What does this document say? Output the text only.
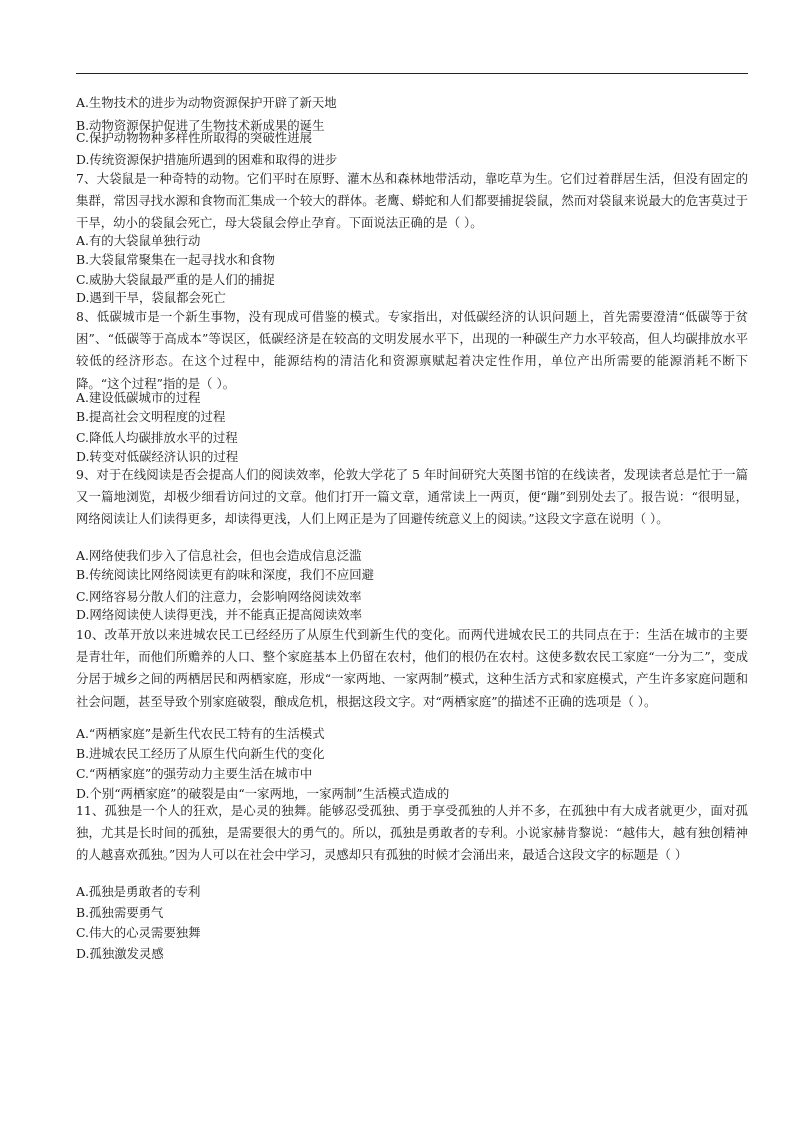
A.生物技术的进步为动物资源保护开辟了新天地
B.动物资源保护促进了生物技术新成果的诞生
C.保护动物物种多样性所取得的突破性进展
D.传统资源保护措施所遇到的困难和取得的进步
7、大袋鼠是一种奇特的动物。它们平时在原野、灌木丛和森林地带活动，靠吃草为生。它们过着群居生活，但没有固定的集群，常因寻找水源和食物而汇集成一个较大的群体。老鹰、蟒蛇和人们都要捕捉袋鼠，然而对袋鼠来说最大的危害莫过于干旱，幼小的袋鼠会死亡，母大袋鼠会停止孕育。下面说法正确的是（ ）。
A.有的大袋鼠单独行动
B.大袋鼠常聚集在一起寻找水和食物
C.威胁大袋鼠最严重的是人们的捕捉
D.遇到干旱，袋鼠都会死亡
8、低碳城市是一个新生事物，没有现成可借鉴的模式。专家指出，对低碳经济的认识问题上，首先需要澄清“低碳等于贫困”、“低碳等于高成本”等误区，低碳经济是在较高的文明发展水平下，出现的一种碳生产力水平较高，但人均碳排放水平较低的经济形态。在这个过程中，能源结构的清洁化和资源禀赋起着决定性作用，单位产出所需要的能源消耗不断下降。“这个过程”指的是（ ）。
A.建设低碳城市的过程
B.提高社会文明程度的过程
C.降低人均碳排放水平的过程
D.转变对低碳经济认识的过程
9、对于在线阅读是否会提高人们的阅读效率，伦敦大学花了 5 年时间研究大英图书馆的在线读者，发现读者总是忙于一篇又一篇地浏览，却极少细看访问过的文章。他们打开一篇文章，通常读上一两页，便“蹦”到别处去了。报告说：“很明显，网络阅读让人们读得更多，却读得更浅，人们上网正是为了回避传统意义上的阅读。”这段文字意在说明（ ）。
A.网络使我们步入了信息社会，但也会造成信息泛滥
B.传统阅读比网络阅读更有韵味和深度，我们不应回避
C.网络容易分散人们的注意力，会影响网络阅读效率
D.网络阅读使人读得更浅，并不能真正提高阅读效率
10、改革开放以来进城农民工已经经历了从原生代到新生代的变化。而两代进城农民工的共同点在于：生活在城市的主要是青壮年，而他们所赡养的人口、整个家庭基本上仍留在农村，他们的根仍在农村。这使多数农民工家庭“一分为二”，变成分居于城乡之间的两栖居民和两栖家庭，形成“一家两地、一家两制”模式，这种生活方式和家庭模式，产生许多家庭问题和社会问题，甚至导致个别家庭破裂，酿成危机，根据这段文字。对“两栖家庭”的描述不正确的选项是（ ）。
A.“两栖家庭”是新生代农民工特有的生活模式
B.进城农民工经历了从原生代向新生代的变化
C.“两栖家庭”的强劳动力主要生活在城市中
D.个别“两栖家庭”的破裂是由“一家两地，一家两制”生活模式造成的
11、孤独是一个人的狂欢，是心灵的独舞。能够忍受孤独、勇于享受孤独的人并不多，在孤独中有大成者就更少，面对孤独，尤其是长时间的孤独，是需要很大的勇气的。所以，孤独是勇敢者的专利。小说家赫肯黎说：“越伟大，越有独创精神的人越喜欢孤独。”因为人可以在社会中学习，灵感却只有孤独的时候才会涌出来，最适合这段文字的标题是（ ）
A.孤独是勇敢者的专利
B.孤独需要勇气
C.伟大的心灵需要独舞
D.孤独激发灵感
